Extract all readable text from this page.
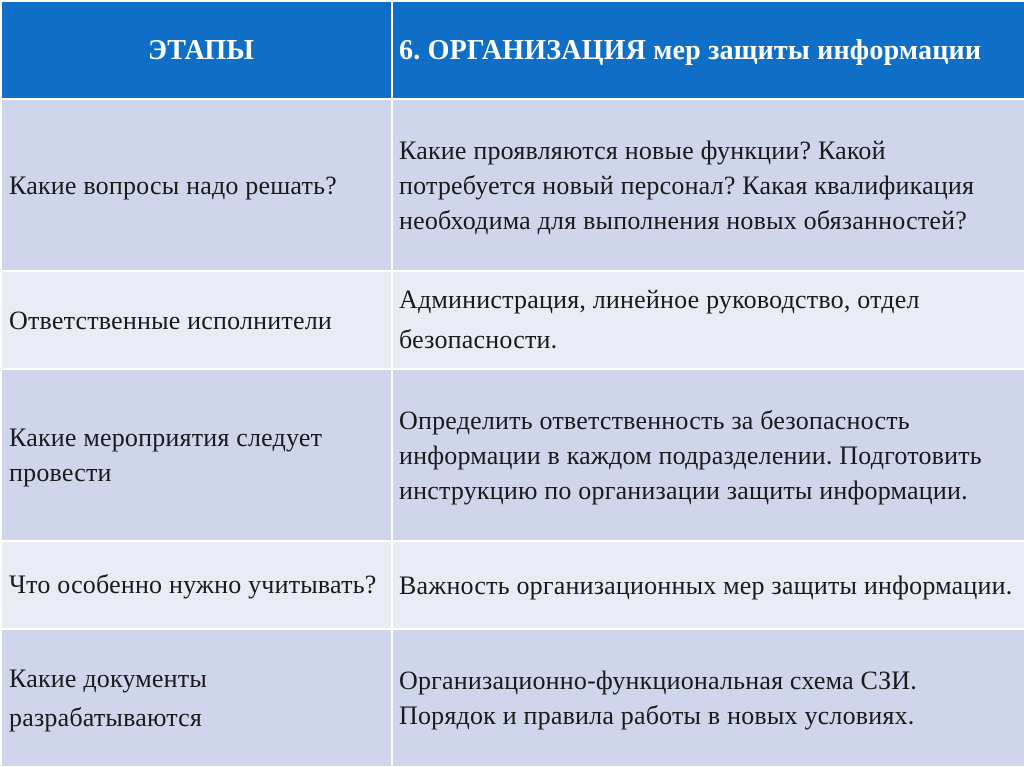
ЭТАПЫ	6. ОРГАНИЗАЦИЯ мер защиты информации

Какие вопросы надо решать?	Какие проявляются новые функции? Какой потребуется новый персонал? Какая квалификация необходима для выполнения новых обязанностей?

Ответственные исполнители	Администрация, линейное руководство, отдел безопасности.

Какие мероприятия следует провести	Определить ответственность за безопасность информации в каждом подразделении. Подготовить инструкцию по организации защиты информации.

Что особенно нужно учитывать?	Важность организационных мер защиты информации.

Какие документы разрабатываются	Организационно-функциональная схема СЗИ. Порядок и правила работы в новых условиях.
